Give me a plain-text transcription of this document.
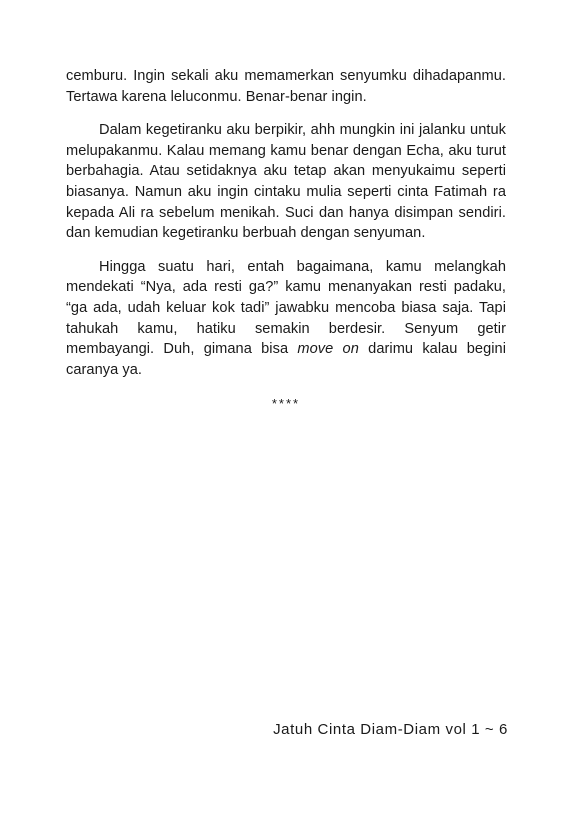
cemburu. Ingin sekali aku memamerkan senyumku dihadapanmu. Tertawa karena leluconmu. Benar-benar ingin.

Dalam kegetiranku aku berpikir, ahh mungkin ini jalanku untuk melupakanmu. Kalau memang kamu benar dengan Echa, aku turut berbahagia. Atau setidaknya aku tetap akan menyukaimu seperti biasanya. Namun aku ingin cintaku mulia seperti cinta Fatimah ra kepada Ali ra sebelum menikah. Suci dan hanya disimpan sendiri. dan kemudian kegetiranku berbuah dengan senyuman.

Hingga suatu hari, entah bagaimana, kamu melangkah mendekati “Nya, ada resti ga?” kamu menanyakan resti padaku, “ga ada, udah keluar kok tadi” jawabku mencoba biasa saja. Tapi tahukah kamu, hatiku semakin berdesir. Senyum getir membayangi. Duh, gimana bisa move on darimu kalau begini caranya ya.

****
Jatuh Cinta Diam-Diam vol 1 ~ 6
